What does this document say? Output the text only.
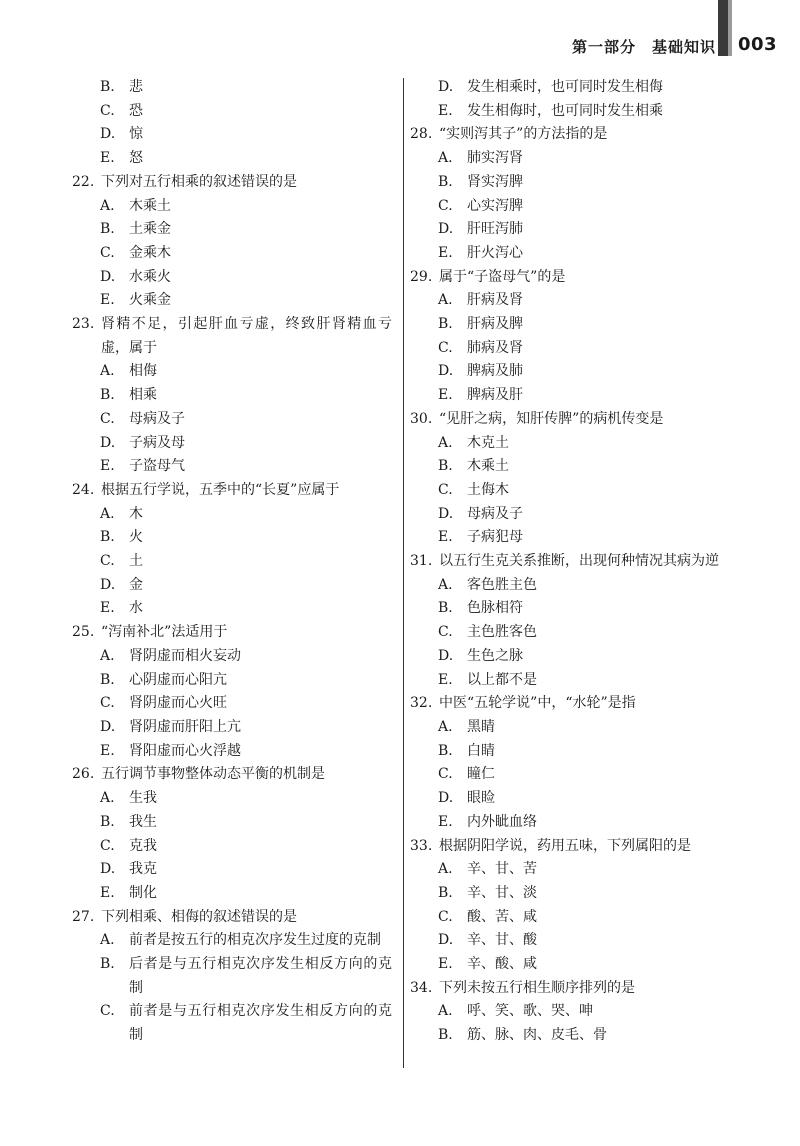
第一部分　基础知识 003
B. 悲
C. 恐
D. 惊
E. 怒
22. 下列对五行相乘的叙述错误的是
A. 木乘土
B. 土乘金
C. 金乘木
D. 水乘火
E. 火乘金
23. 肾精不足，引起肝血亏虚，终致肝肾精血亏虚，属于
A. 相侮
B. 相乘
C. 母病及子
D. 子病及母
E. 子盗母气
24. 根据五行学说，五季中的“长夏”应属于
A. 木
B. 火
C. 土
D. 金
E. 水
25. “泻南补北”法适用于
A. 肾阴虚而相火妄动
B. 心阴虚而心阳亢
C. 肾阴虚而心火旺
D. 肾阴虚而肝阳上亢
E. 肾阳虚而心火浮越
26. 五行调节事物整体动态平衡的机制是
A. 生我
B. 我生
C. 克我
D. 我克
E. 制化
27. 下列相乘、相侮的叙述错误的是
A. 前者是按五行的相克次序发生过度的克制
B. 后者是与五行相克次序发生相反方向的克制
C. 前者是与五行相克次序发生相反方向的克制
D. 发生相乘时，也可同时发生相侮
E. 发生相侮时，也可同时发生相乘
28. “实则泻其子”的方法指的是
A. 肺实泻肾
B. 肾实泻脾
C. 心实泻脾
D. 肝旺泻肺
E. 肝火泻心
29. 属于“子盗母气”的是
A. 肝病及肾
B. 肝病及脾
C. 肺病及肾
D. 脾病及肺
E. 脾病及肝
30. “见肝之病，知肝传脾”的病机传变是
A. 木克土
B. 木乘土
C. 土侮木
D. 母病及子
E. 子病犯母
31. 以五行生克关系推断，出现何种情况其病为逆
A. 客色胜主色
B. 色脉相符
C. 主色胜客色
D. 生色之脉
E. 以上都不是
32. 中医“五轮学说”中，“水轮”是指
A. 黑睛
B. 白睛
C. 瞳仁
D. 眼睑
E. 内外眦血络
33. 根据阴阳学说，药用五味，下列属阳的是
A. 辛、甘、苦
B. 辛、甘、淡
C. 酸、苦、咸
D. 辛、甘、酸
E. 辛、酸、咸
34. 下列未按五行相生顺序排列的是
A. 呼、笑、歌、哭、呻
B. 筋、脉、肉、皮毛、骨
